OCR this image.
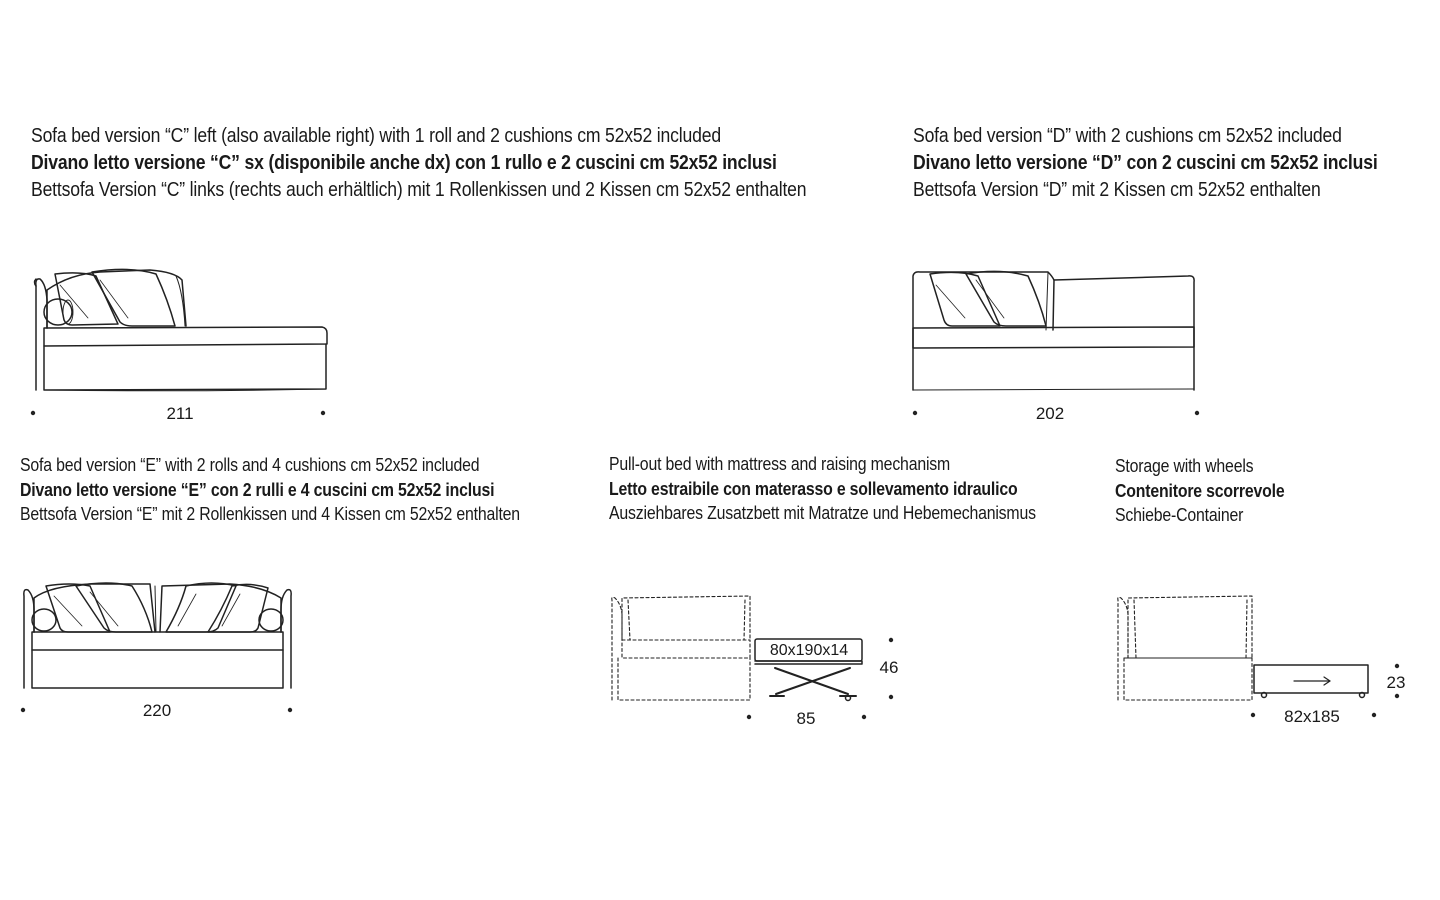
Sofa bed version “C” left (also available right) with 1 roll and 2 cushions cm 52x52 included
Divano letto versione “C” sx (disponibile anche dx) con 1 rullo e 2 cuscini cm 52x52 inclusi
Bettsofa Version “C” links (rechts auch erhältlich) mit 1 Rollenkissen und 2 Kissen cm 52x52 enthalten
Sofa bed version “D” with 2 cushions cm 52x52 included
Divano letto versione “D” con 2 cuscini cm 52x52 inclusi
Bettsofa Version “D” mit 2 Kissen cm 52x52 enthalten
Sofa bed version “E” with 2 rolls and 4 cushions cm 52x52 included
Divano letto versione “E” con 2 rulli e 4 cuscini cm 52x52 inclusi
Bettsofa Version “E” mit 2 Rollenkissen und 4 Kissen cm 52x52 enthalten
Pull-out bed with mattress and raising mechanism
Letto estraibile con materasso e sollevamento idraulico
Ausziehbares Zusatzbett mit Matratze und Hebemechanismus
Storage with wheels
Contenitore scorrevole
Schiebe-Container
211	202
220
80x190x14
46
85
23
82x185
